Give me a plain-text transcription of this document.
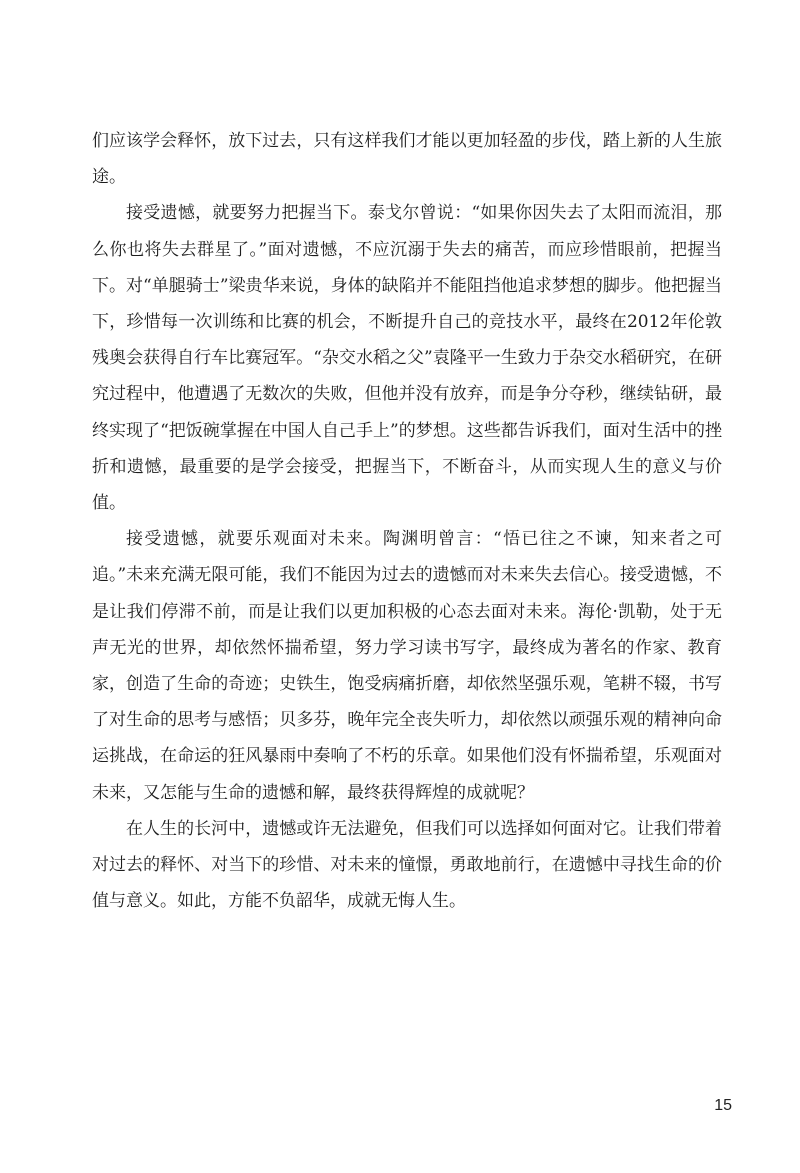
们应该学会释怀，放下过去，只有这样我们才能以更加轻盈的步伐，踏上新的人生旅途。

接受遗憾，就要努力把握当下。泰戈尔曾说：“如果你因失去了太阳而流泪，那么你也将失去群星了。”面对遗憾，不应沉溺于失去的痛苦，而应珍惜眼前，把握当下。对“单腿骑士”梁贵华来说，身体的缺陷并不能阻挡他追求梦想的脚步。他把握当下，珍惜每一次训练和比赛的机会，不断提升自己的竞技水平，最终在2012年伦敦残奥会获得自行车比赛冠军。“杂交水稻之父”袁隆平一生致力于杂交水稻研究，在研究过程中，他遭遇了无数次的失败，但他并没有放弃，而是争分夺秒，继续钻研，最终实现了“把饭碗掌握在中国人自己手上”的梦想。这些都告诉我们，面对生活中的挫折和遗憾，最重要的是学会接受，把握当下，不断奋斗，从而实现人生的意义与价值。

接受遗憾，就要乐观面对未来。陶渊明曾言：“悟已往之不谏，知来者之可追。”未来充满无限可能，我们不能因为过去的遗憾而对未来失去信心。接受遗憾，不是让我们停滞不前，而是让我们以更加积极的心态去面对未来。海伦·凯勒，处于无声无光的世界，却依然怀揣希望，努力学习读书写字，最终成为著名的作家、教育家，创造了生命的奇迹；史铁生，饱受病痛折磨，却依然坚强乐观，笔耕不辍，书写了对生命的思考与感悟；贝多芬，晚年完全丧失听力，却依然以顽强乐观的精神向命运挑战，在命运的狂风暴雨中奏响了不朽的乐章。如果他们没有怀揣希望，乐观面对未来，又怎能与生命的遗憾和解，最终获得辉煌的成就呢？

在人生的长河中，遗憾或许无法避免，但我们可以选择如何面对它。让我们带着对过去的释怀、对当下的珍惜、对未来的憧憬，勇敢地前行，在遗憾中寻找生命的价值与意义。如此，方能不负韶华，成就无悔人生。

15
